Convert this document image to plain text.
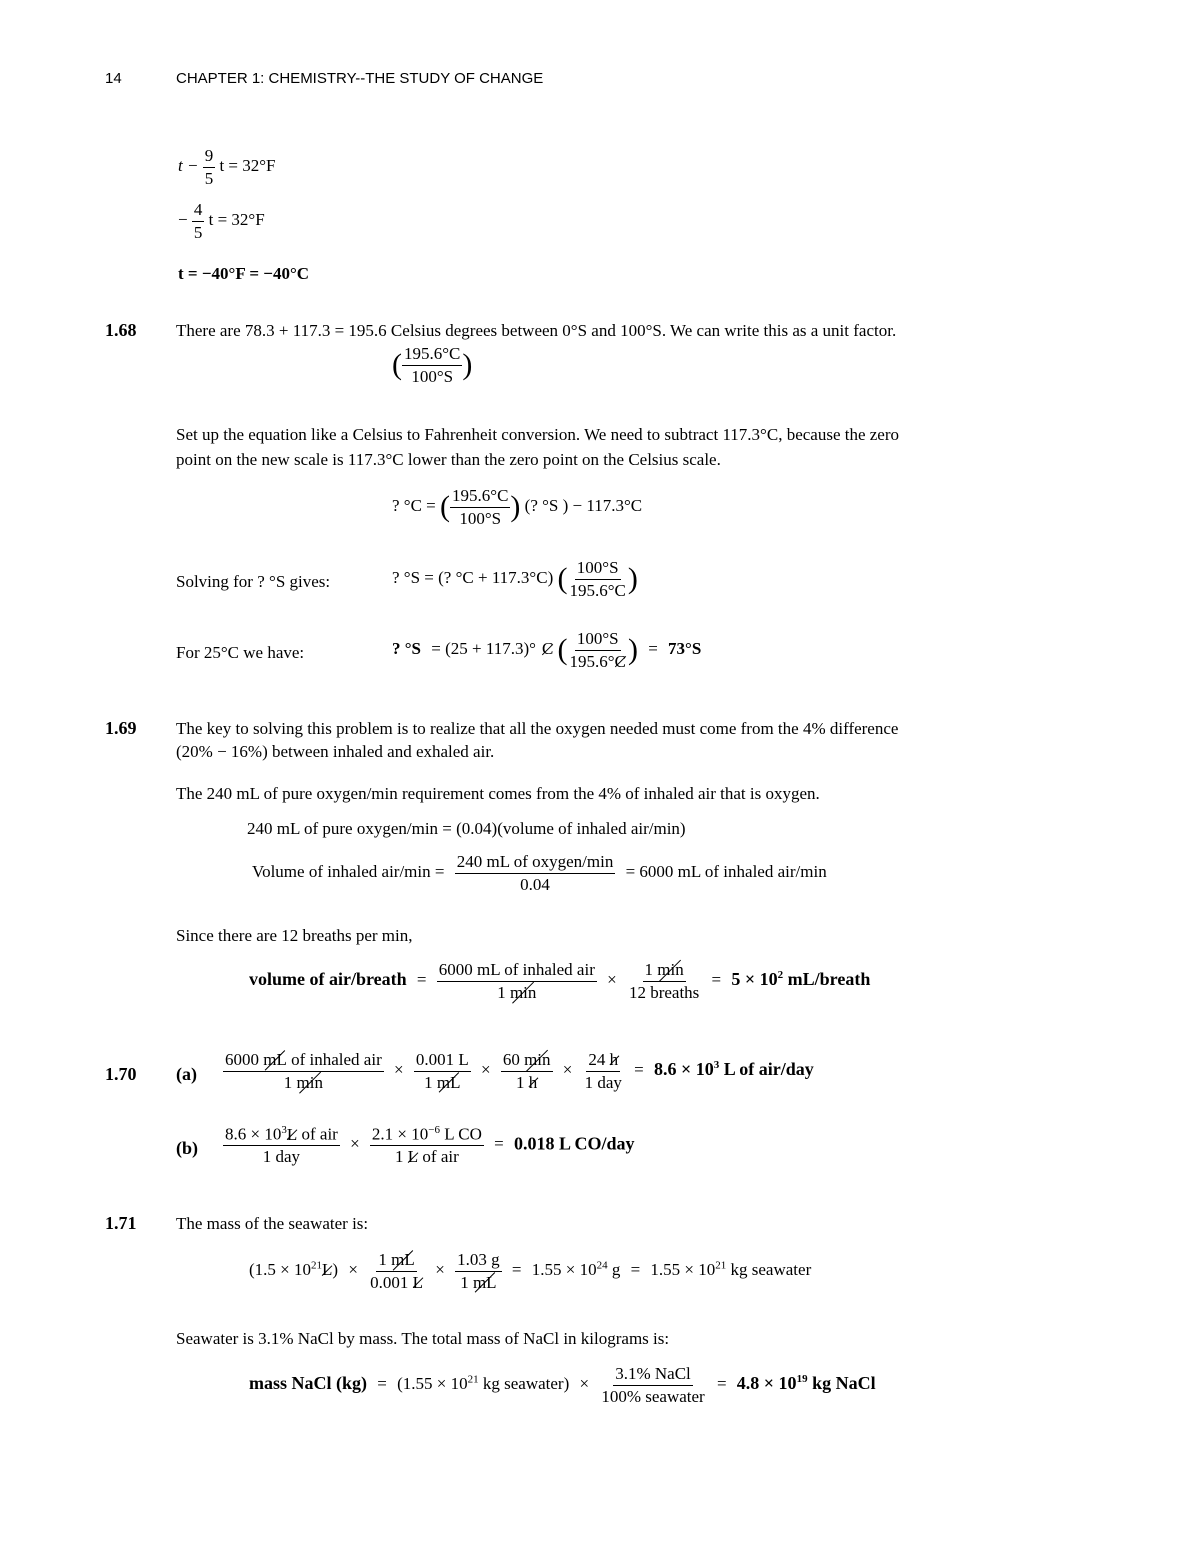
14	CHAPTER 1: CHEMISTRY--THE STUDY OF CHANGE
$t - \frac{9}{5}$ t = 32°F
− $\frac{4}{5}$ t = 32°F
t = −40°F = −40°C
1.68 There are 78.3 + 117.3 = 195.6 Celsius degrees between 0°S and 100°S. We can write this as a unit factor.
( $\frac{195.6^\circ C}{100^\circ S}$ )
Set up the equation like a Celsius to Fahrenheit conversion. We need to subtract 117.3°C, because the zero
point on the new scale is 117.3°C lower than the zero point on the Celsius scale.
? °C = ( $\frac{195.6^\circ C}{100^\circ S}$ ) (? °S ) − 117.3°C
Solving for ? °S gives:	? °S = (? °C + 117.3°C) ( $\frac{100^\circ S}{195.6^\circ C}$ )
For 25°C we have:	? °S = (25 + 117.3)° C ( $\frac{100^\circ S}{195.6^\circ C}$ ) = 73°S
1.69 The key to solving this problem is to realize that all the oxygen needed must come from the 4% difference
(20% − 16%) between inhaled and exhaled air.
The 240 mL of pure oxygen/min requirement comes from the 4% of inhaled air that is oxygen.
240 mL of pure oxygen/min = (0.04)(volume of inhaled air/min)
Volume of inhaled $air/\min = \frac{\text{240 mL of oxygen/min}}{0.04} = 6000$ mL of inhaled air/min
Since there are 12 breaths per min,
volume of air/breath = $\frac{\text{6000 mL of inhaled air}}{1 \min} \times \frac{1 \min}{\text{12 breaths}} = 5 \times 10^2$ mL/breath
1.70 $(a) \frac{\text{6000 mL of inhaled air}}{1 \min} \times \frac{0.001 L}{1 mL} \times \frac{60 \min}{1 h} \times \frac{24 h}{\text{1 day}} = 8.6 \times 10^3$ L of air/day
$(b) \frac{8.6 \times 10^3L of air}{\text{1 day}} \times \frac{2.1 \times 10^{-6} L CO}{\text{1 L of air}} = 0.018$ L CO/day
1.71 The mass of the seawater is:
$(1.5 \times 10^{21}L) \times \frac{1 mL}{0.001 L} \times \frac{1.03 g}{1 mL} = 1.55 \times 10^{24}$ $g = 1.55 \times 10^{21}$ kg seawater
Seawater is 3.1% NaCl by mass. The total mass of NaCl in kilograms is:
mass NaCl $(kg) = (1.55 \times 10^{21}$ kg seawater) × $\frac{\text{3.1\% NaCl}}{\text{100\% seawater}} = 4.8 \times 10^{19}$ kg NaCl
